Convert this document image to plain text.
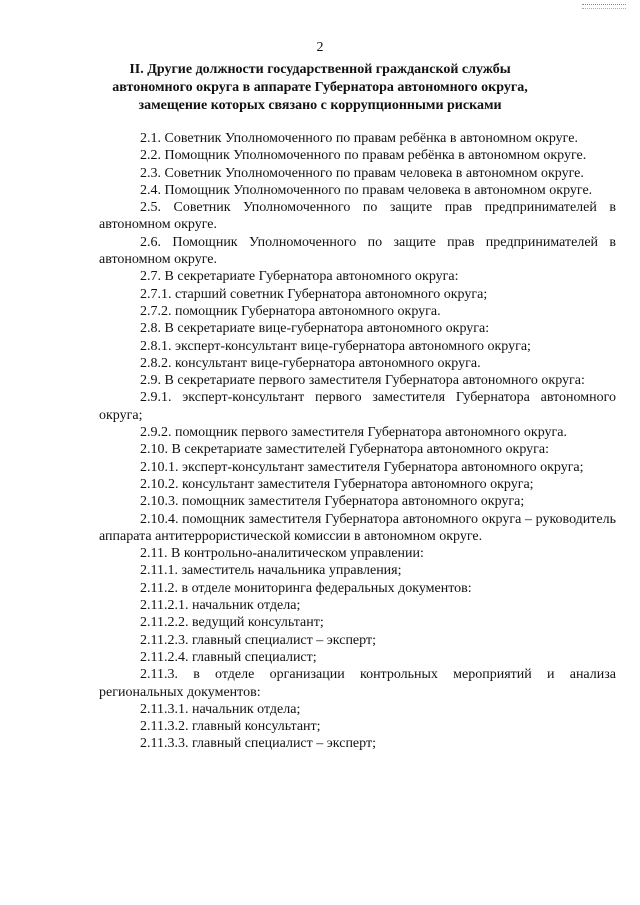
2
II. Другие должности государственной гражданской службы автономного округа в аппарате Губернатора автономного округа, замещение которых связано с коррупционными рисками

2.1. Советник Уполномоченного по правам ребёнка в автономном округе.

2.2. Помощник Уполномоченного по правам ребёнка в автономном округе.

2.3. Советник Уполномоченного по правам человека в автономном округе.

2.4. Помощник Уполномоченного по правам человека в автономном округе.

2.5. Советник Уполномоченного по защите прав предпринимателей в автономном округе.

2.6. Помощник Уполномоченного по защите прав предпринимателей в автономном округе.

2.7. В секретариате Губернатора автономного округа:

2.7.1. старший советник Губернатора автономного округа;

2.7.2. помощник Губернатора автономного округа.

2.8. В секретариате вице-губернатора автономного округа:

2.8.1. эксперт-консультант вице-губернатора автономного округа;

2.8.2. консультант вице-губернатора автономного округа.

2.9. В секретариате первого заместителя Губернатора автономного округа:

2.9.1. эксперт-консультант первого заместителя Губернатора автономного округа;

2.9.2. помощник первого заместителя Губернатора автономного округа.

2.10. В секретариате заместителей Губернатора автономного округа:

2.10.1. эксперт-консультант заместителя Губернатора автономного округа;

2.10.2. консультант заместителя Губернатора автономного округа;

2.10.3. помощник заместителя Губернатора автономного округа;

2.10.4. помощник заместителя Губернатора автономного округа – руководитель аппарата антитеррористической комиссии в автономном округе.

2.11. В контрольно-аналитическом управлении:

2.11.1. заместитель начальника управления;

2.11.2. в отделе мониторинга федеральных документов:

2.11.2.1. начальник отдела;

2.11.2.2. ведущий консультант;

2.11.2.3. главный специалист – эксперт;

2.11.2.4. главный специалист;

2.11.3. в отделе организации контрольных мероприятий и анализа региональных документов:

2.11.3.1. начальник отдела;

2.11.3.2. главный консультант;

2.11.3.3. главный специалист – эксперт;
